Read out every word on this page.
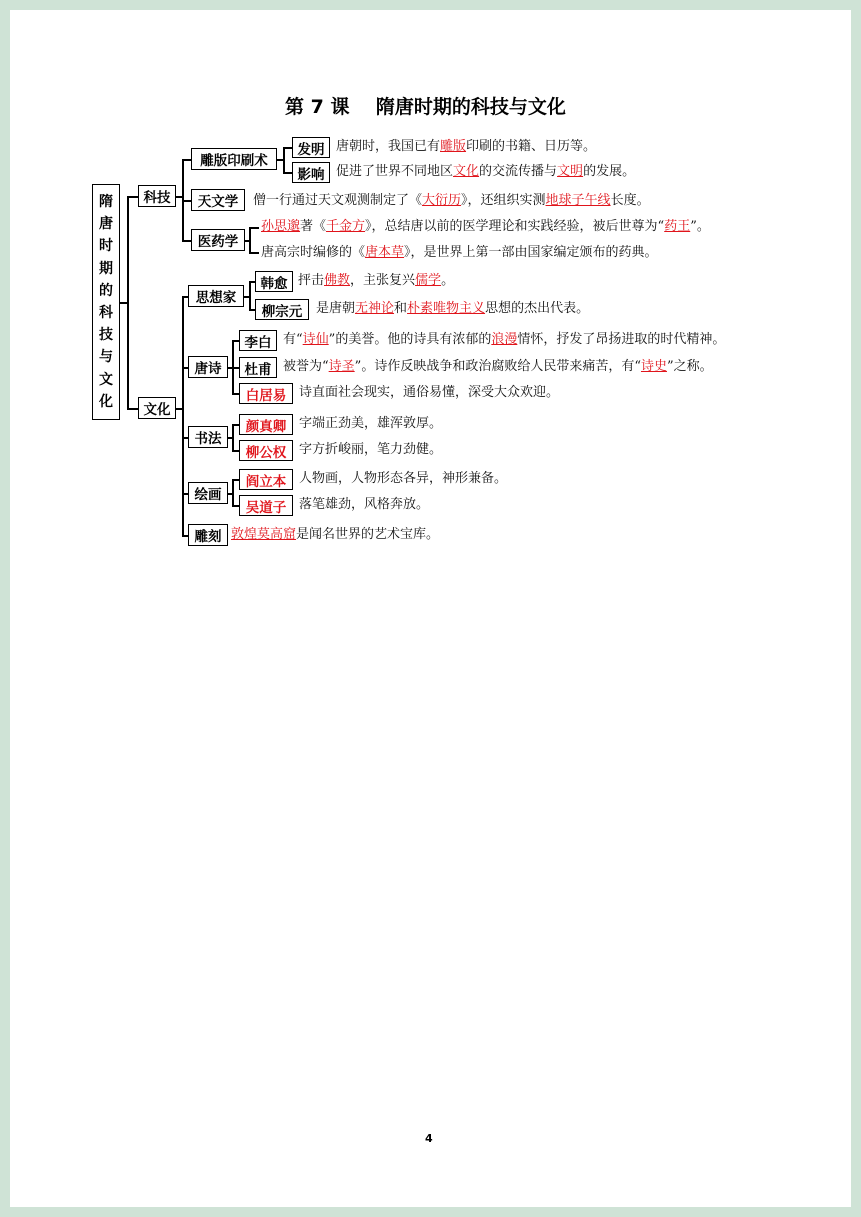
第 7 课    隋唐时期的科技与文化
隋
唐
时
期
的
科
技
与
文
化
科技
文化
雕版印刷术
天文学
医药学
发明
影响
唐朝时，我国已有雕版印刷的书籍、日历等。
促进了世界不同地区文化的交流传播与文明的发展。
僧一行通过天文观测制定了《大衍历》，还组织实测地球子午线长度。
孙思邈著《千金方》，总结唐以前的医学理论和实践经验，被后世尊为“药王”。
唐高宗时编修的《唐本草》，是世界上第一部由国家编定颁布的药典。
思想家
唐诗
书法
绘画
雕刻
韩愈
柳宗元
抨击佛教，主张复兴儒学。
是唐朝无神论和朴素唯物主义思想的杰出代表。
李白
杜甫
白居易
有“诗仙”的美誉。他的诗具有浓郁的浪漫情怀，抒发了昂扬进取的时代精神。
被誉为“诗圣”。诗作反映战争和政治腐败给人民带来痛苦，有“诗史”之称。
诗直面社会现实，通俗易懂，深受大众欢迎。
颜真卿
柳公权
字端正劲美，雄浑敦厚。
字方折峻丽，笔力劲健。
阎立本
吴道子
人物画，人物形态各异，神形兼备。
落笔雄劲，风格奔放。
敦煌莫高窟是闻名世界的艺术宝库。
4
